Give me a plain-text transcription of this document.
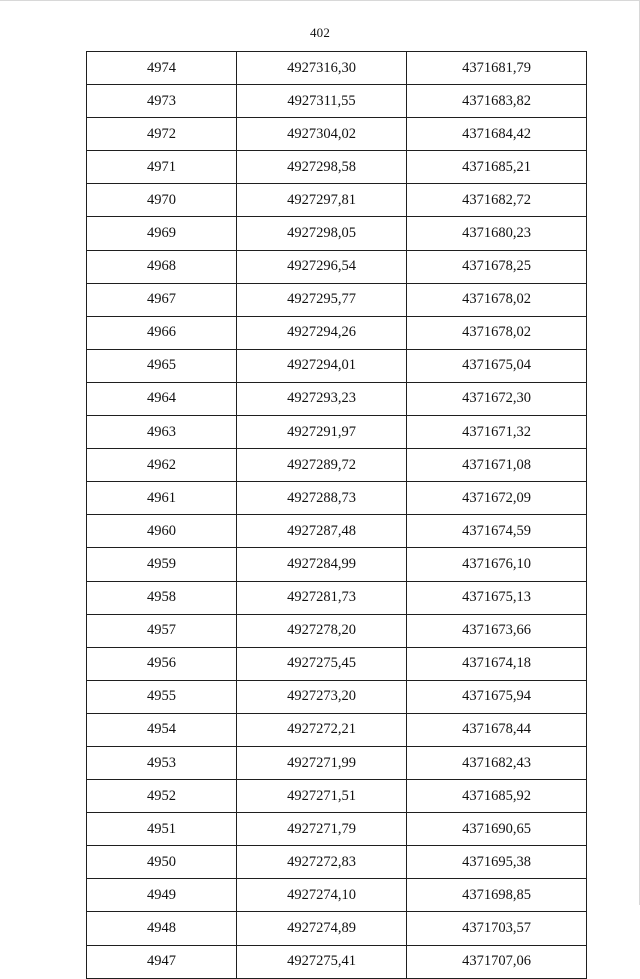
402
4974	4927316,30	4371681,79
4973	4927311,55	4371683,82
4972	4927304,02	4371684,42
4971	4927298,58	4371685,21
4970	4927297,81	4371682,72
4969	4927298,05	4371680,23
4968	4927296,54	4371678,25
4967	4927295,77	4371678,02
4966	4927294,26	4371678,02
4965	4927294,01	4371675,04
4964	4927293,23	4371672,30
4963	4927291,97	4371671,32
4962	4927289,72	4371671,08
4961	4927288,73	4371672,09
4960	4927287,48	4371674,59
4959	4927284,99	4371676,10
4958	4927281,73	4371675,13
4957	4927278,20	4371673,66
4956	4927275,45	4371674,18
4955	4927273,20	4371675,94
4954	4927272,21	4371678,44
4953	4927271,99	4371682,43
4952	4927271,51	4371685,92
4951	4927271,79	4371690,65
4950	4927272,83	4371695,38
4949	4927274,10	4371698,85
4948	4927274,89	4371703,57
4947	4927275,41	4371707,06
